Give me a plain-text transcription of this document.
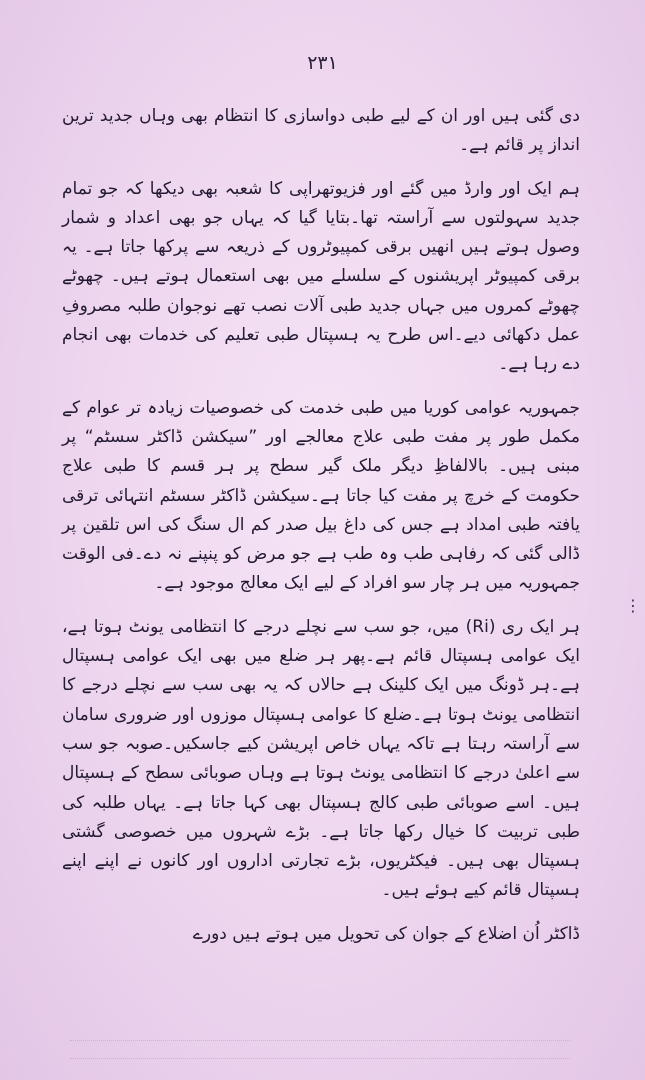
۲۳۱

دی گئی ہیں اور ان کے لیے طبی دواسازی کا انتظام بھی وہاں جدید ترین انداز پر قائم ہے۔

ہم ایک اور وارڈ میں گئے اور فزیوتھراپی کا شعبہ بھی دیکھا کہ جو تمام جدید سہولتوں سے آراستہ تھا۔بتایا گیا کہ یہاں جو بھی اعداد و شمار وصول ہوتے ہیں انھیں برقی کمپیوٹروں کے ذریعہ سے پرکھا جاتا ہے۔ یہ برقی کمپیوٹر اپریشنوں کے سلسلے میں بھی استعمال ہوتے ہیں۔ چھوٹے چھوٹے کمروں میں جہاں جدید طبی آلات نصب تھے نوجوان طلبہ مصروفِ عمل دکھائی دیے۔اس طرح یہ ہسپتال طبی تعلیم کی خدمات بھی انجام دے رہا ہے۔

جمہوریہ عوامی کوریا میں طبی خدمت کی خصوصیات زیادہ تر عوام کے مکمل طور پر مفت طبی علاج معالجے اور ”سیکشن ڈاکٹر سسٹم“ پر مبنی ہیں۔ بالالفاظِ دیگر ملک گیر سطح پر ہر قسم کا طبی علاج حکومت کے خرچ پر مفت کیا جاتا ہے۔سیکشن ڈاکٹر سسٹم انتہائی ترقی یافتہ طبی امداد ہے جس کی داغ بیل صدر کم ال سنگ کی اس تلقین پر ڈالی گئی کہ رفاہی طب وہ طب ہے جو مرض کو پنپنے نہ دے۔فی الوقت جمہوریہ میں ہر چار سو افراد کے لیے ایک معالج موجود ہے۔

ہر ایک ری (Ri) میں، جو سب سے نچلے درجے کا انتظامی یونٹ ہوتا ہے، ایک عوامی ہسپتال قائم ہے۔پھر ہر ضلع میں بھی ایک عوامی ہسپتال ہے۔ہر ڈونگ میں ایک کلینک ہے حالاں کہ یہ بھی سب سے نچلے درجے کا انتظامی یونٹ ہوتا ہے۔ضلع کا عوامی ہسپتال موزوں اور ضروری سامان سے آراستہ رہتا ہے تاکہ یہاں خاص اپریشن کیے جاسکیں۔صوبہ جو سب سے اعلیٰ درجے کا انتظامی یونٹ ہوتا ہے وہاں صوبائی سطح کے ہسپتال ہیں۔ اسے صوبائی طبی کالج ہسپتال بھی کہا جاتا ہے۔ یہاں طلبہ کی طبی تربیت کا خیال رکھا جاتا ہے۔ بڑے شہروں میں خصوصی گشتی ہسپتال بھی ہیں۔ فیکٹریوں، بڑے تجارتی اداروں اور کانوں نے اپنے اپنے ہسپتال قائم کیے ہوئے ہیں۔

ڈاکٹر اُن اضلاع کے جوان کی تحویل میں ہوتے ہیں دورے

⋮
